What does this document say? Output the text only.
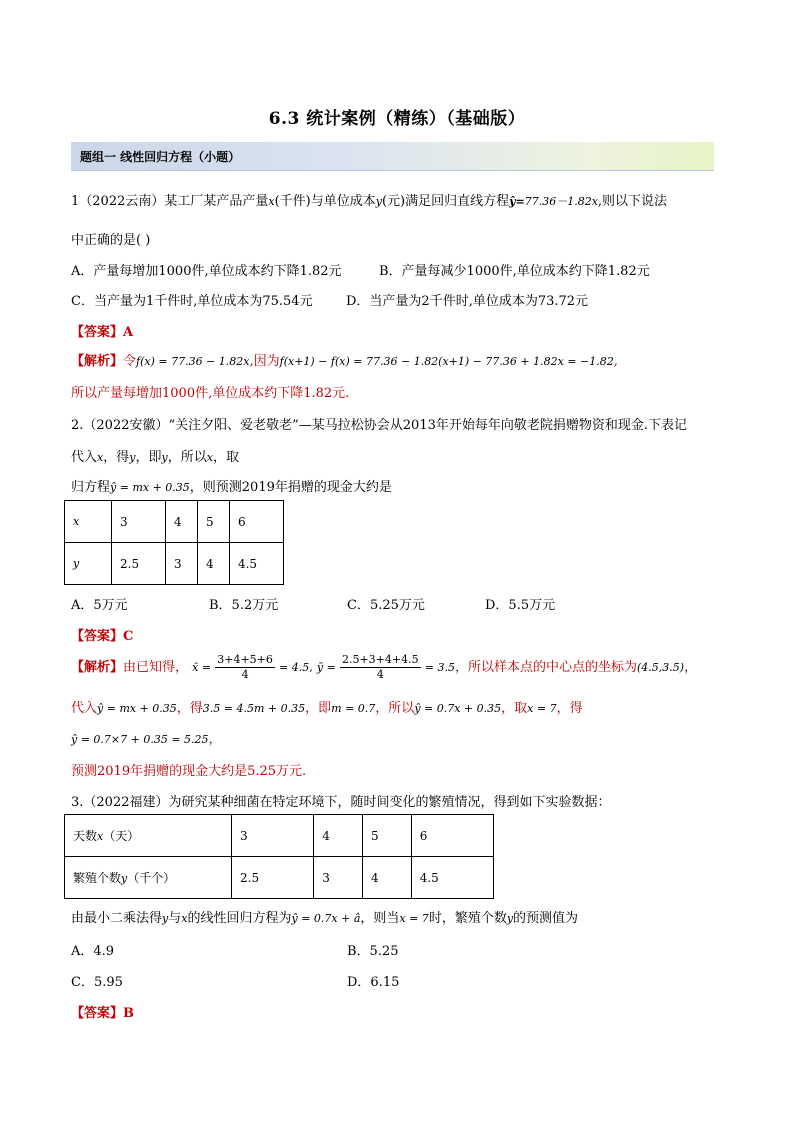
6.3 统计案例（精练）（基础版）
题组一 线性回归方程（小题）
1（2022云南）某工厂某产品产量x(千件)与单位成本y(元)满足回归直线方程ŷ=77.36－1.82x,则以下说法
中正确的是( )
A．产量每增加1000件,单位成本约下降1.82元	B．产量每减少1000件,单位成本约下降1.82元
C．当产量为1千件时,单位成本为75.54元	D．当产量为2千件时,单位成本为73.72元
【答案】A
【解析】令f(x) = 77.36 − 1.82x,因为f(x+1) − f(x) = 77.36 − 1.82(x+1) − 77.36 + 1.82x = −1.82,
所以产量每增加1000件,单位成本约下降1.82元.
2.（2022安徽）“关注夕阳、爱老敬老”—某马拉松协会从2013年开始每年向敬老院捐赠物资和现金.下表记
代入x，得y，即y，所以x，取
归方程ŷ = mx + 0.35，则预测2019年捐赠的现金大约是
x	3	4	5	6
y	2.5	3	4	4.5
A．5万元	B．5.2万元	C．5.25万元	D．5.5万元
【答案】C
【解析】由已知得， x̄ = $\frac{3+4+5+6}{4} = 4.5$, ȳ = $\frac{2.5+3+4+4.5}{4} = 3.5$，所以样本点的中心点的坐标为(4.5,3.5)，
代入ŷ = mx + 0.35，得3.5 = 4.5m + 0.35，即m = 0.7，所以ŷ = 0.7x + 0.35，取x = 7，得
ŷ = 0.7×7 + 0.35 = 5.25，
预测2019年捐赠的现金大约是5.25万元.
3.（2022福建）为研究某种细菌在特定环境下，随时间变化的繁殖情况，得到如下实验数据：
天数x（天）	3	4	5	6
繁殖个数y（千个）	2.5	3	4	4.5
由最小二乘法得y与x的线性回归方程为ŷ = 0.7x + â，则当x = 7时，繁殖个数y的预测值为
A．4.9	B．5.25
C．5.95	D．6.15
【答案】B
